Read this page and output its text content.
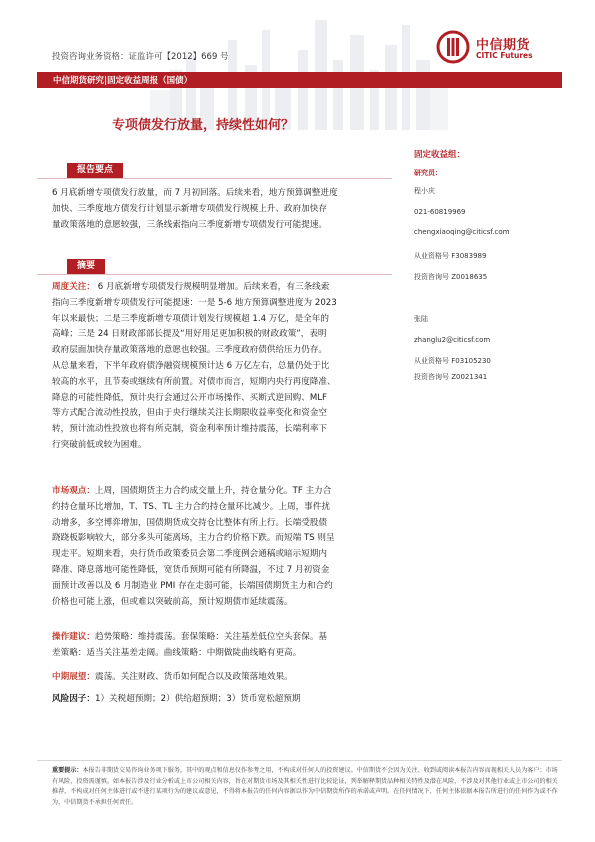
投资咨询业务资格：证监许可【2012】669 号
中信期货
CITIC Futures
中信期货研究|固定收益周报（国债）	2025-06-29
专项债发行放量，持续性如何？
报告要点
6 月底新增专项债发行放量，而 7 月初回落。后续来看，地方预算调整进度
加快、三季度地方债发行计划显示新增专项债发行规模上升、政府加快存
量政策落地的意愿较强，三条线索指向三季度新增专项债发行可能提速。
摘要
周度关注： 6 月底新增专项债发行规模明显增加。后续来看，有三条线索
指向三季度新增专项债发行可能提速：一是 5-6 地方预算调整进度为 2023
年以来最快；二是三季度新增专项债计划发行规模超 1.4 万亿，是全年的
高峰；三是 24 日财政部部长提及“用好用足更加积极的财政政策”，表明
政府层面加快存量政策落地的意愿也较强。三季度政府债供给压力仍存。
从总量来看，下半年政府债净融资规模预计达 6 万亿左右，总量仍处于比
较高的水平，且节奏或继续有所前置。对债市而言，短期内央行再度降准、
降息的可能性降低，预计央行会通过公开市场操作、买断式逆回购、MLF
等方式配合流动性投放，但由于央行继续关注长期限收益率变化和资金空
转，预计流动性投放也将有所克制，资金利率预计维持震荡，长端利率下
行突破前低或较为困难。
市场观点：上周，国债期货主力合约成交量上升，持仓量分化。TF 主力合
约持仓量环比增加，T、TS、TL 主力合约持仓量环比减少。上周，事件扰
动增多，多空博弈增加，国债期货成交持仓比整体有所上行。长端受股债
跷跷板影响较大，部分多头可能离场，主力合约价格下跌。而短端 TS 则呈
现走平。短期来看，央行货币政策委员会第二季度例会通稿或暗示短期内
降准、降息落地可能性降低，宽货币预期可能有所降温，不过 7 月初资金
面预计改善以及 6 月制造业 PMI 存在走弱可能，长端国债期货主力和合约
价格也可能上涨，但或难以突破前高，预计短期债市延续震荡。
操作建议：趋势策略：维持震荡。套保策略：关注基差低位空头套保。基
差策略：适当关注基差走阔。曲线策略：中期做陡曲线略有更高。
中期展望：震荡。关注财政、货币如何配合以及政策落地效果。
风险因子：1）关税超预期；2）供给超预期；3）货币宽松超预期
固定收益组：
研究员：
程小庆
021-60819969
chengxiaoqing@citicsf.com
从业资格号 F3083989
投资咨询号 Z0018635
张陆
zhanglu2@citicsf.com
从业资格号 F03105230
投资咨询号 Z0021341
重要提示：本报告非期货交易咨询业务项下服务，其中的观点和信息仅作参考之用，不构成对任何人的投资建议。中信期货不会因为关注、收到或阅读本报告内容而视相关人员为客户；市场有风险，投资需谨慎。如本报告涉及行业分析或上市公司相关内容，旨在对期货市场及其相关性进行比较论证，列举解释期货品种相关特性及潜在风险，不涉及对其他行业或上市公司的相关推荐，不构成对任何主体进行或不进行某项行为的建议或意见，不得将本报告的任何内容据以作为中信期货所作的承诺或声明。在任何情况下，任何主体依据本报告所进行的任何作为或不作为，中信期货不承担任何责任。
